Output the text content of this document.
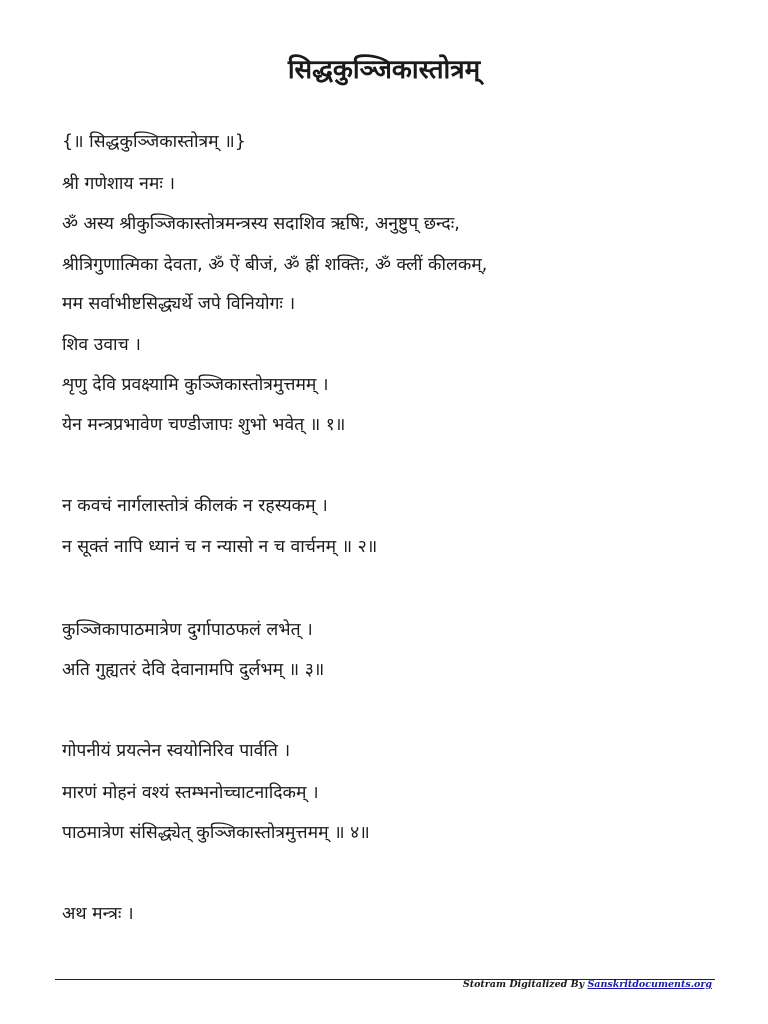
सिद्धकुञ्जिकास्तोत्रम्
{॥ सिद्धकुञ्जिकास्तोत्रम् ॥}
श्री गणेशाय नमः ।
ॐ अस्य श्रीकुञ्जिकास्तोत्रमन्त्रस्य सदाशिव ऋषिः, अनुष्टुप् छन्दः,
श्रीत्रिगुणात्मिका देवता, ॐ ऐं बीजं, ॐ ह्रीं शक्तिः, ॐ क्लीं कीलकम्,
मम सर्वाभीष्टसिद्ध्यर्थे जपे विनियोगः ।
शिव उवाच ।
शृणु देवि प्रवक्ष्यामि कुञ्जिकास्तोत्रमुत्तमम् ।
येन मन्त्रप्रभावेण चण्डीजापः शुभो भवेत् ॥ १॥
न कवचं नार्गलास्तोत्रं कीलकं न रहस्यकम् ।
न सूक्तं नापि ध्यानं च न न्यासो न च वार्चनम् ॥ २॥
कुञ्जिकापाठमात्रेण दुर्गापाठफलं लभेत् ।
अति गुह्यतरं देवि देवानामपि दुर्लभम् ॥ ३॥
गोपनीयं प्रयत्नेन स्वयोनिरिव पार्वति ।
मारणं मोहनं वश्यं स्तम्भनोच्चाटनादिकम् ।
पाठमात्रेण संसिद्ध्येत् कुञ्जिकास्तोत्रमुत्तमम् ॥ ४॥
अथ मन्त्रः ।
Stotram Digitalized By Sanskritdocuments.org
